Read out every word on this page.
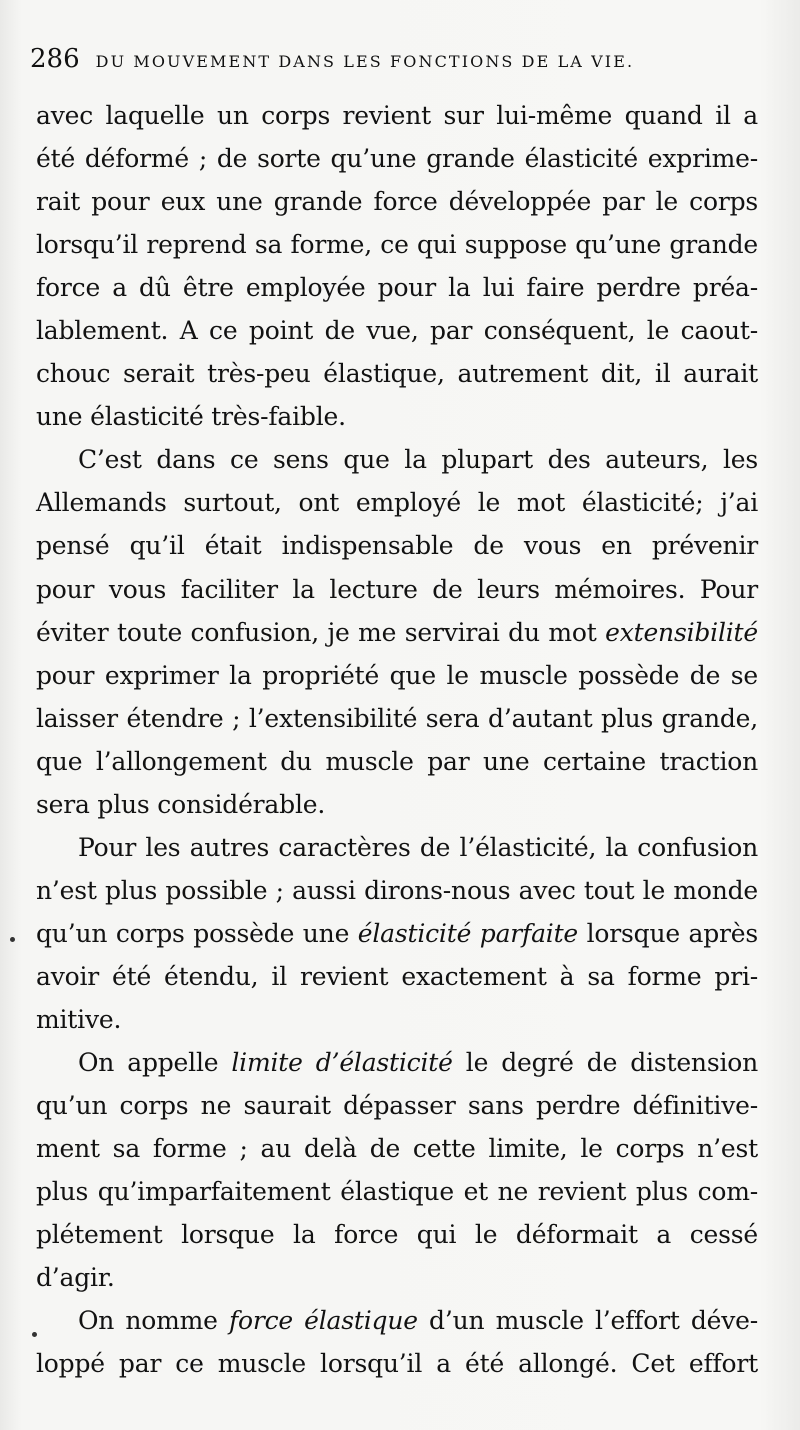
286 DU MOUVEMENT DANS LES FONCTIONS DE LA VIE.

avec laquelle un corps revient sur lui-même quand il a
été déformé ; de sorte qu’une grande élasticité exprime-
rait pour eux une grande force développée par le corps
lorsqu’il reprend sa forme, ce qui suppose qu’une grande
force a dû être employée pour la lui faire perdre préa-
lablement. A ce point de vue, par conséquent, le caout-
chouc serait très-peu élastique, autrement dit, il aurait
une élasticité très-faible.

C’est dans ce sens que la plupart des auteurs, les
Allemands surtout, ont employé le mot élasticité; j’ai
pensé qu’il était indispensable de vous en prévenir
pour vous faciliter la lecture de leurs mémoires. Pour
éviter toute confusion, je me servirai du mot extensibilité
pour exprimer la propriété que le muscle possède de se
laisser étendre ; l’extensibilité sera d’autant plus grande,
que l’allongement du muscle par une certaine traction
sera plus considérable.

Pour les autres caractères de l’élasticité, la confusion
n’est plus possible ; aussi dirons-nous avec tout le monde
qu’un corps possède une élasticité parfaite lorsque après
avoir été étendu, il revient exactement à sa forme pri-
mitive.

On appelle limite d’élasticité le degré de distension
qu’un corps ne saurait dépasser sans perdre définitive-
ment sa forme ; au delà de cette limite, le corps n’est
plus qu’imparfaitement élastique et ne revient plus com-
plétement lorsque la force qui le déformait a cessé
d’agir.

On nomme force élastique d’un muscle l’effort déve-
loppé par ce muscle lorsqu’il a été allongé. Cet effort
